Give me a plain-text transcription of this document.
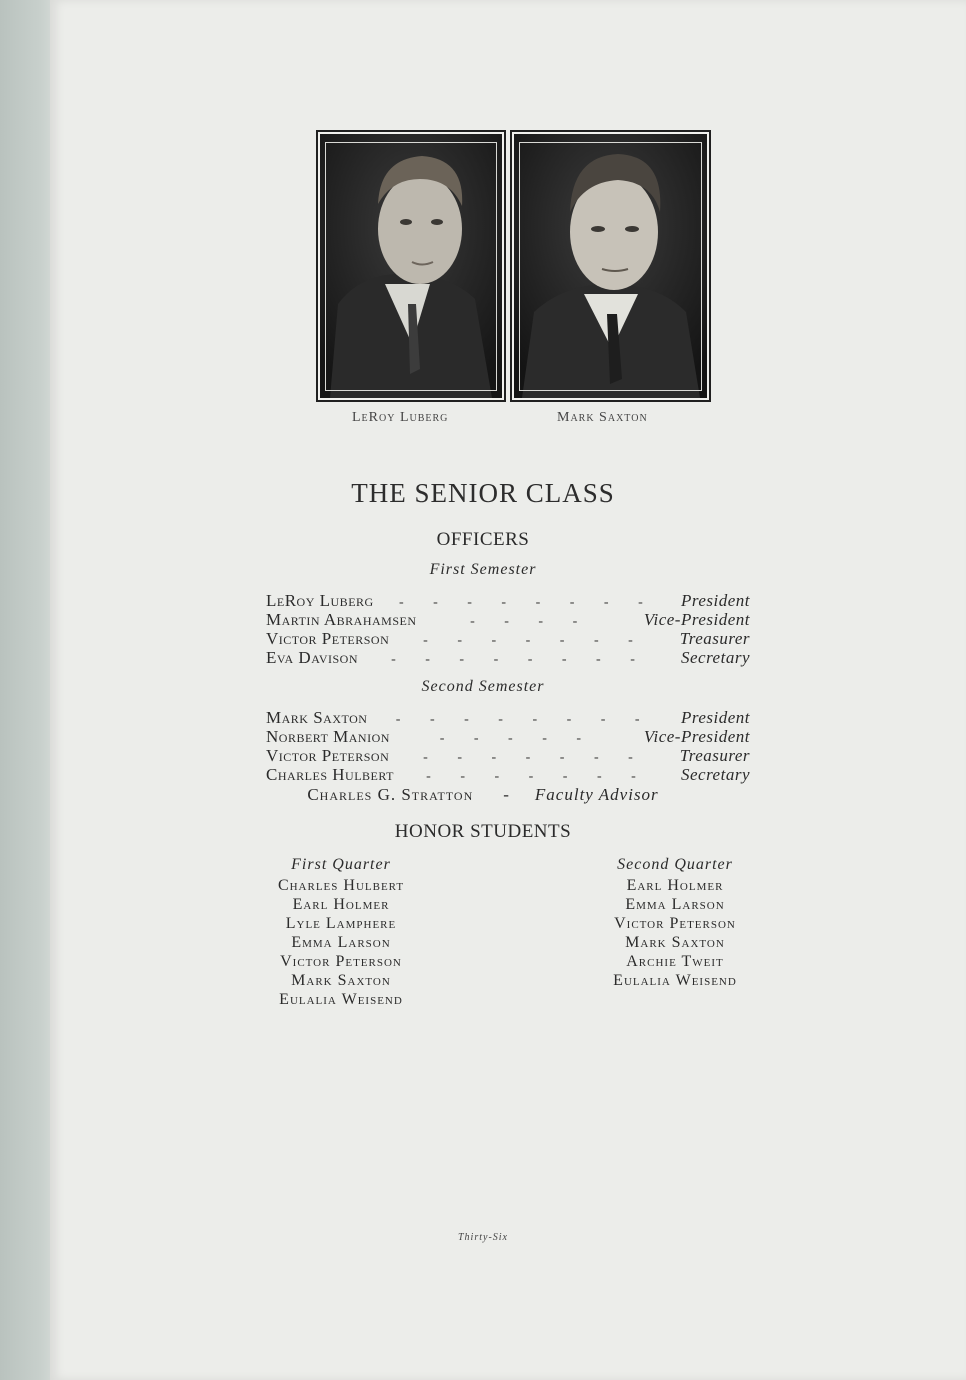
LeRoy Luberg	Mark Saxton
THE SENIOR CLASS
OFFICERS
First Semester
LeRoy Luberg	- - - - - - - -	President
Martin Abrahamsen	- - - -	Vice-President
Victor Peterson	- - - - - - -	Treasurer
Eva Davison	- - - - - - - -	Secretary
Second Semester
Mark Saxton	- - - - - - - -	President
Norbert Manion	- - - - -	Vice-President
Victor Peterson	- - - - - - -	Treasurer
Charles Hulbert	- - - - - - -	Secretary
Charles G. Stratton - Faculty Advisor
HONOR STUDENTS
First Quarter
Charles Hulbert
Earl Holmer
Lyle Lamphere
Emma Larson
Victor Peterson
Mark Saxton
Eulalia Weisend
Second Quarter
Earl Holmer
Emma Larson
Victor Peterson
Mark Saxton
Archie Tweit
Eulalia Weisend
Thirty-Six
